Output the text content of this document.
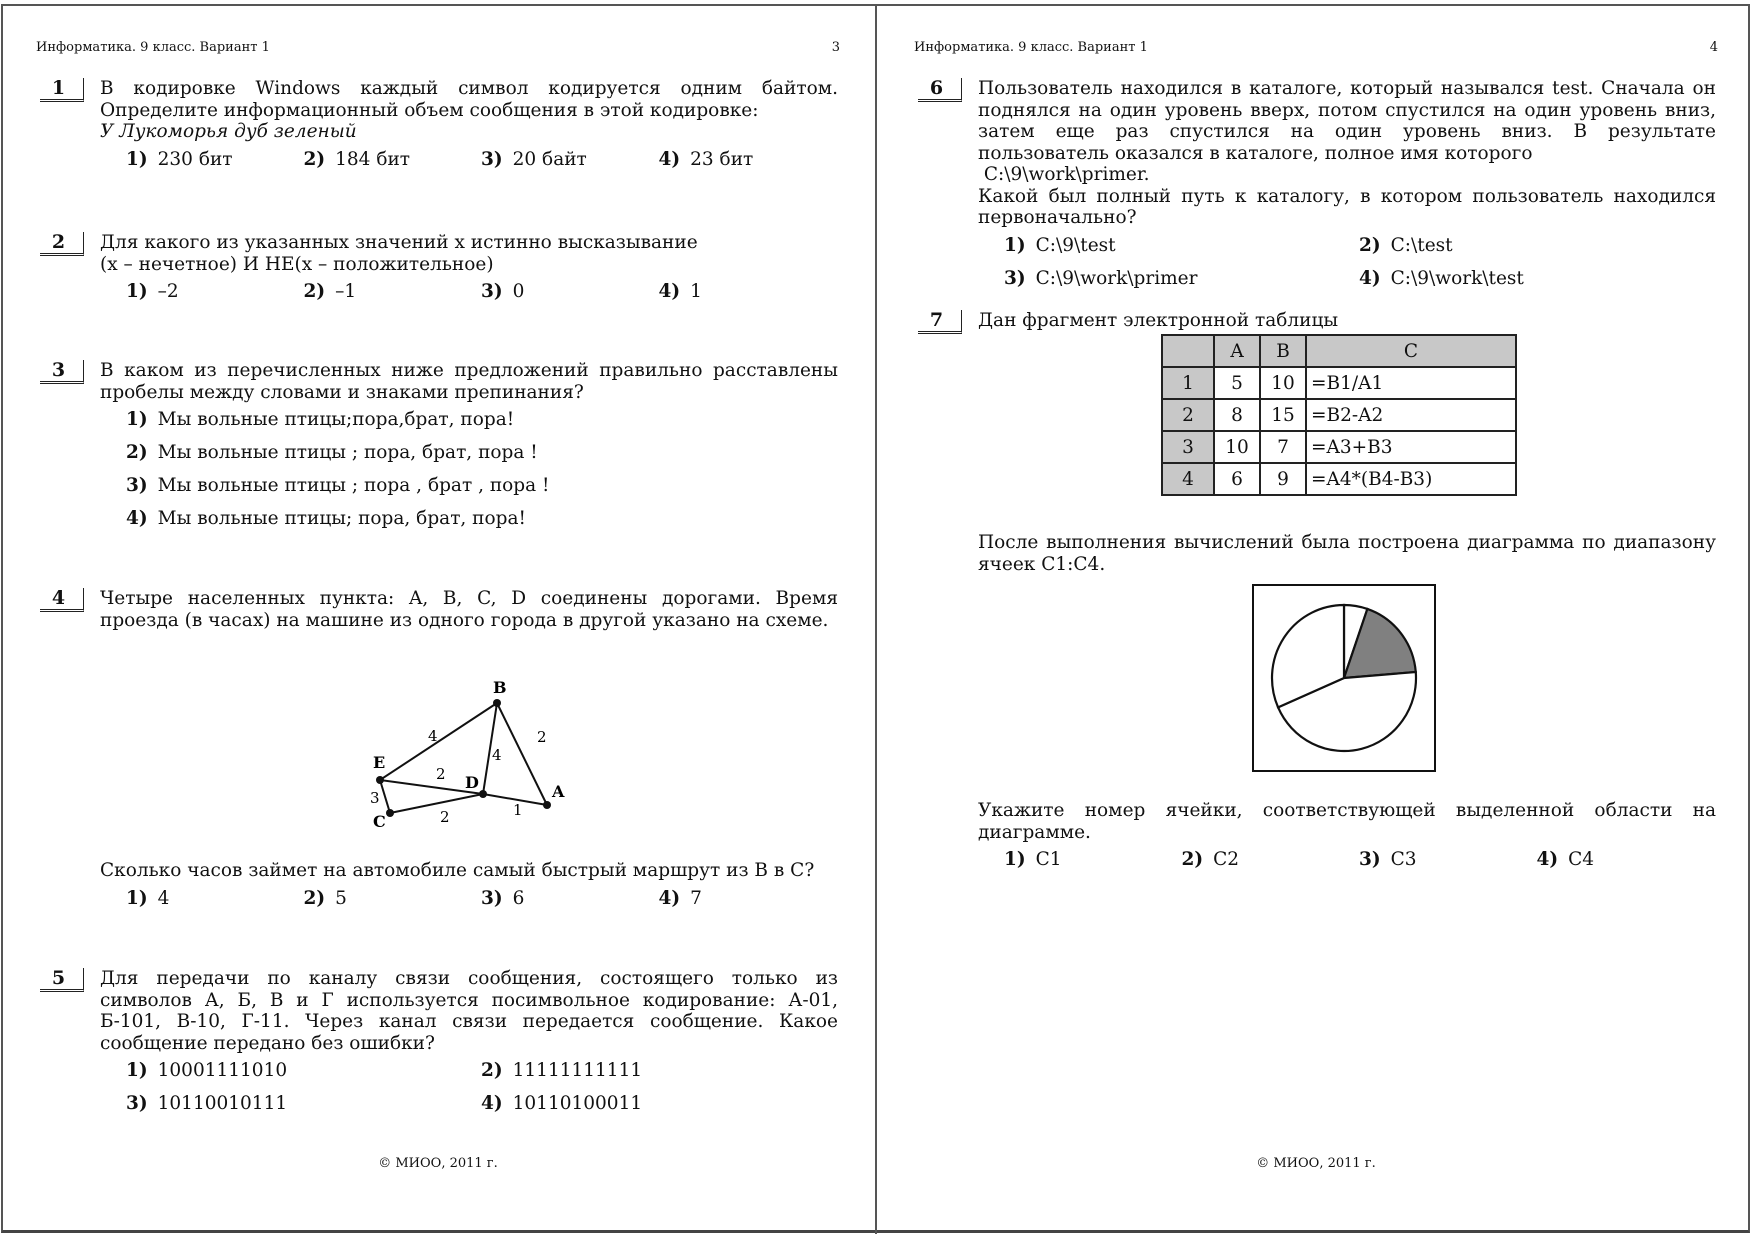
Информатика. 9 класс. Вариант 1	3
1	В кодировке Windows каждый символ кодируется одним байтом. Определите информационный объем сообщения в этой кодировке:
У Лукоморья дуб зеленый
1) 230 бит	2) 184 бит	3) 20 байт	4) 23 бит
2	Для какого из указанных значений х истинно высказывание
(х – нечетное) И НЕ(х – положительное)
1) –2	2) –1	3) 0	4) 1
3	В каком из перечисленных ниже предложений правильно расставлены пробелы между словами и знаками препинания?
1) Мы вольные птицы;пора,брат, пора!
2) Мы вольные птицы ; пора, брат, пора !
3) Мы вольные птицы ; пора , брат , пора !
4) Мы вольные птицы; пора, брат, пора!
4	Четыре населенных пункта: A, B, C, D соединены дорогами. Время проезда (в часах) на машине из одного города в другой указано на схеме.
4
4
2
2
1
3
2
B
E
D	A
C
Сколько часов займет на автомобиле самый быстрый маршрут из B в C?
1) 4	2) 5	3) 6	4) 7
5	Для передачи по каналу связи сообщения, состоящего только из символов А, Б, В и Г используется посимвольное кодирование: А-01, Б-101, В-10, Г-11. Через канал связи передается сообщение. Какое сообщение передано без ошибки?
1) 10001111010	2) 11111111111
3) 10110010111	4) 10110100011
© МИОО, 2011 г.
Информатика. 9 класс. Вариант 1	4
6	Пользователь находился в каталоге, который назывался test. Сначала он поднялся на один уровень вверх, потом спустился на один уровень вниз, затем еще раз спустился на один уровень вниз. В результате пользователь оказался в каталоге, полное имя которого
C:\9\work\primer.
Какой был полный путь к каталогу, в котором пользователь находился первоначально?
1) C:\9\test	2) C:\test
3) C:\9\work\primer	4) C:\9\work\test
7	Дан фрагмент электронной таблицы
	A	B	C
1	5	10	=B1/A1
2	8	15	=B2-A2
3	10	7	=A3+B3
4	6	9	=A4*(B4-B3)
После выполнения вычислений была построена диаграмма по диапазону ячеек C1:C4.
Укажите номер ячейки, соответствующей выделенной области на диаграмме.
1) C1	2) C2	3) C3	4) C4
© МИОО, 2011 г.
